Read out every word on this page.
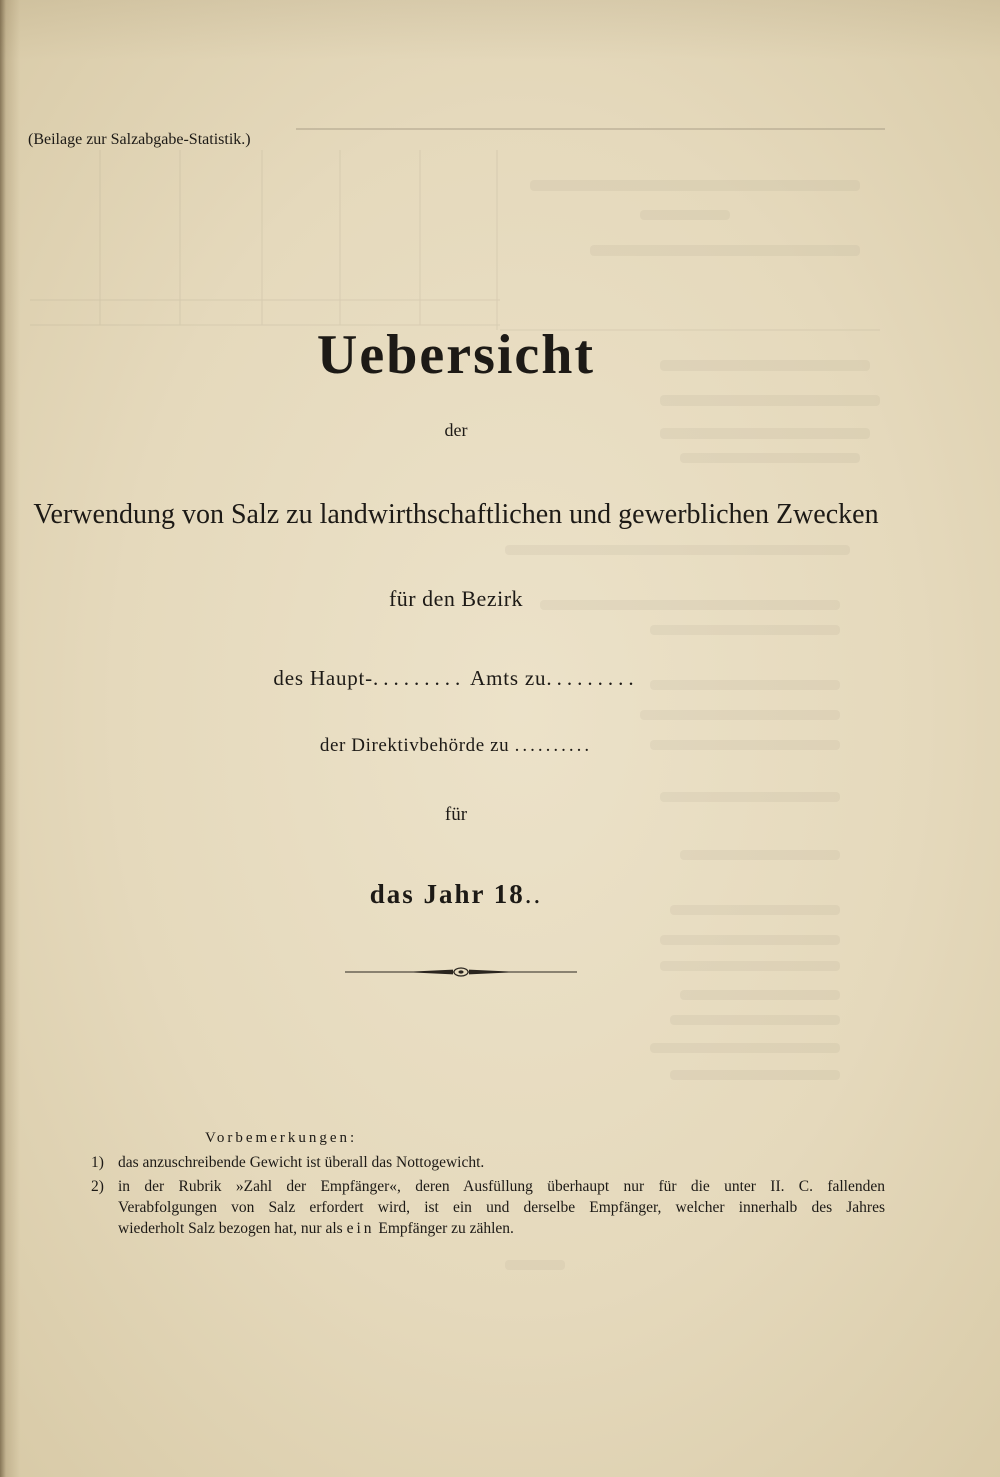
(Beilage zur Salzabgabe-Statistik.)
Uebersicht
der
Verwendung von Salz zu landwirthschaftlichen und gewerblichen Zwecken
für den Bezirk
des Haupt-......... Amts zu.........
der Direktivbehörde zu ..........
für
das Jahr 18..
Vorbemerkungen:
1) das anzuschreibende Gewicht ist überall das Nottogewicht.
2) in der Rubrik »Zahl der Empfänger«, deren Ausfüllung überhaupt nur für die unter II. C. fallenden
Verabfolgungen von Salz erfordert wird, ist ein und derselbe Empfänger, welcher innerhalb des Jahres
wiederholt Salz bezogen hat, nur als ein Empfänger zu zählen.
